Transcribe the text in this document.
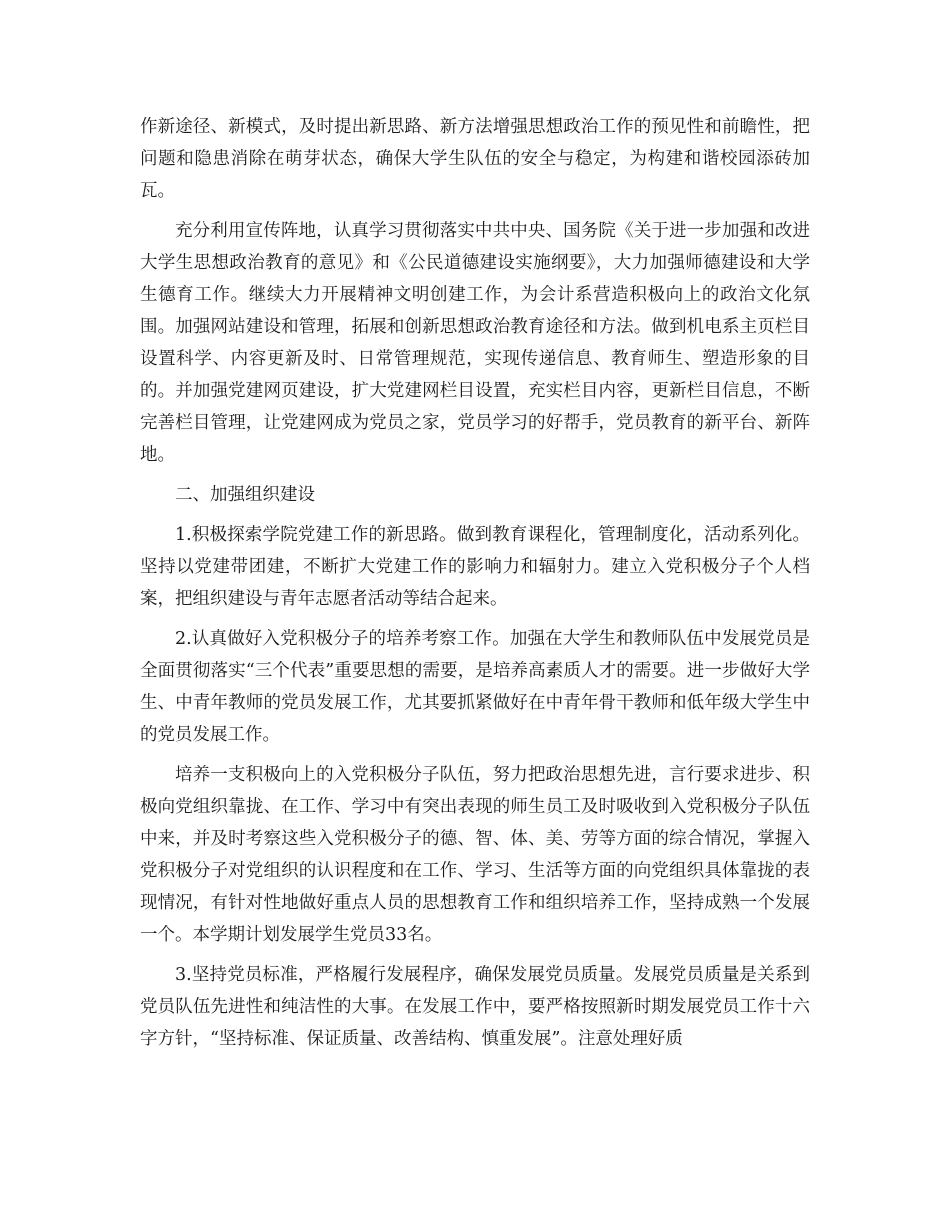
作新途径、新模式，及时提出新思路、新方法增强思想政治工作的预见性和前瞻性，把问题和隐患消除在萌芽状态，确保大学生队伍的安全与稳定，为构建和谐校园添砖加瓦。

充分利用宣传阵地，认真学习贯彻落实中共中央、国务院《关于进一步加强和改进大学生思想政治教育的意见》和《公民道德建设实施纲要》，大力加强师德建设和大学生德育工作。继续大力开展精神文明创建工作，为会计系营造积极向上的政治文化氛围。加强网站建设和管理，拓展和创新思想政治教育途径和方法。做到机电系主页栏目设置科学、内容更新及时、日常管理规范，实现传递信息、教育师生、塑造形象的目的。并加强党建网页建设，扩大党建网栏目设置，充实栏目内容，更新栏目信息，不断完善栏目管理，让党建网成为党员之家，党员学习的好帮手，党员教育的新平台、新阵地。

二、加强组织建设

1.积极探索学院党建工作的新思路。做到教育课程化，管理制度化，活动系列化。坚持以党建带团建，不断扩大党建工作的影响力和辐射力。建立入党积极分子个人档案，把组织建设与青年志愿者活动等结合起来。

2.认真做好入党积极分子的培养考察工作。加强在大学生和教师队伍中发展党员是全面贯彻落实“三个代表”重要思想的需要，是培养高素质人才的需要。进一步做好大学生、中青年教师的党员发展工作，尤其要抓紧做好在中青年骨干教师和低年级大学生中的党员发展工作。

培养一支积极向上的入党积极分子队伍，努力把政治思想先进，言行要求进步、积极向党组织靠拢、在工作、学习中有突出表现的师生员工及时吸收到入党积极分子队伍中来，并及时考察这些入党积极分子的德、智、体、美、劳等方面的综合情况，掌握入党积极分子对党组织的认识程度和在工作、学习、生活等方面的向党组织具体靠拢的表现情况，有针对性地做好重点人员的思想教育工作和组织培养工作，坚持成熟一个发展一个。本学期计划发展学生党员33名。

3.坚持党员标准，严格履行发展程序，确保发展党员质量。发展党员质量是关系到党员队伍先进性和纯洁性的大事。在发展工作中，要严格按照新时期发展党员工作十六字方针，“坚持标准、保证质量、改善结构、慎重发展”。注意处理好质
